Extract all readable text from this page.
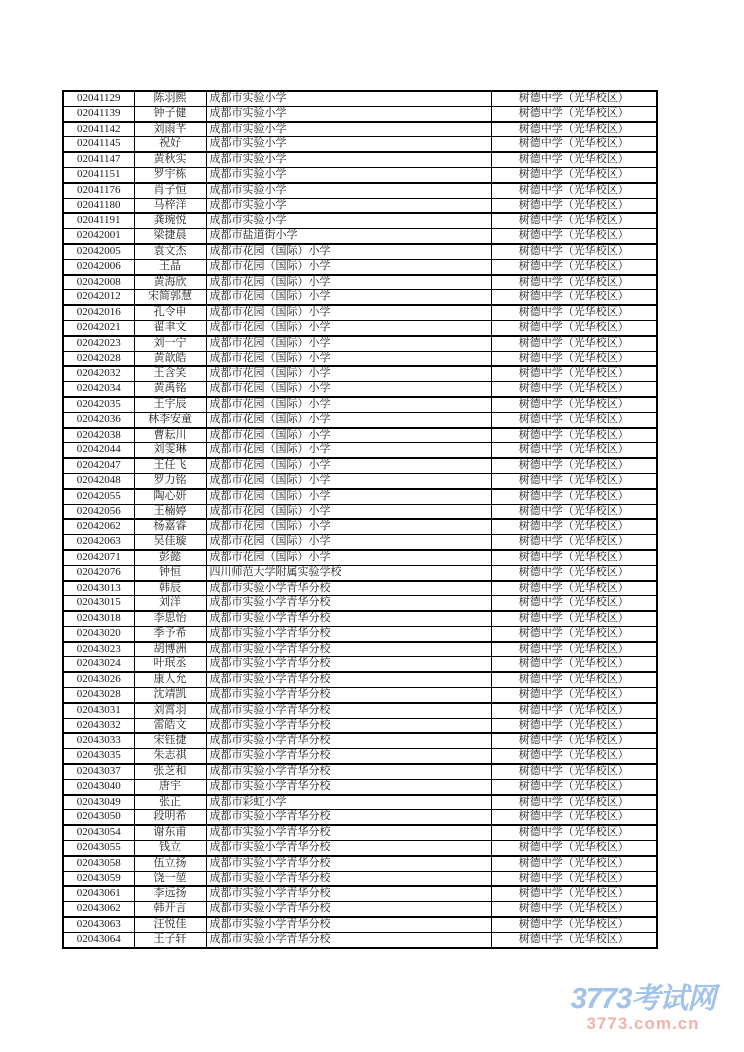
02041129	陈羽熙	成都市实验小学	树德中学（光华校区）
02041139	钟子健	成都市实验小学	树德中学（光华校区）
02041142	刘雨芊	成都市实验小学	树德中学（光华校区）
02041145	祝好	成都市实验小学	树德中学（光华校区）
02041147	黄秋实	成都市实验小学	树德中学（光华校区）
02041151	罗宇栋	成都市实验小学	树德中学（光华校区）
02041176	肖子恒	成都市实验小学	树德中学（光华校区）
02041180	马梓洋	成都市实验小学	树德中学（光华校区）
02041191	龚琬悦	成都市实验小学	树德中学（光华校区）
02042001	梁捷晨	成都市盐道街小学	树德中学（光华校区）
02042005	袁文杰	成都市花园（国际）小学	树德中学（光华校区）
02042006	王晶	成都市花园（国际）小学	树德中学（光华校区）
02042008	黄海欣	成都市花园（国际）小学	树德中学（光华校区）
02042012	宋简郭慧	成都市花园（国际）小学	树德中学（光华校区）
02042016	孔令申	成都市花园（国际）小学	树德中学（光华校区）
02042021	翟聿文	成都市花园（国际）小学	树德中学（光华校区）
02042023	刘一宁	成都市花园（国际）小学	树德中学（光华校区）
02042028	黄歆皓	成都市花园（国际）小学	树德中学（光华校区）
02042032	王含笑	成都市花园（国际）小学	树德中学（光华校区）
02042034	黄禹铭	成都市花园（国际）小学	树德中学（光华校区）
02042035	王宇辰	成都市花园（国际）小学	树德中学（光华校区）
02042036	林李安童	成都市花园（国际）小学	树德中学（光华校区）
02042038	曹耘川	成都市花园（国际）小学	树德中学（光华校区）
02042044	刘雯琳	成都市花园（国际）小学	树德中学（光华校区）
02042047	王任飞	成都市花园（国际）小学	树德中学（光华校区）
02042048	罗力铭	成都市花园（国际）小学	树德中学（光华校区）
02042055	陶心妍	成都市花园（国际）小学	树德中学（光华校区）
02042056	王楠婷	成都市花园（国际）小学	树德中学（光华校区）
02042062	杨嘉睿	成都市花园（国际）小学	树德中学（光华校区）
02042063	吴佳璇	成都市花园（国际）小学	树德中学（光华校区）
02042071	彭懿	成都市花园（国际）小学	树德中学（光华校区）
02042076	钟恒	四川师范大学附属实验学校	树德中学（光华校区）
02043013	韩辰	成都市实验小学青华分校	树德中学（光华校区）
02043015	刘洋	成都市实验小学青华分校	树德中学（光华校区）
02043018	李思怡	成都市实验小学青华分校	树德中学（光华校区）
02043020	季予希	成都市实验小学青华分校	树德中学（光华校区）
02043023	胡博洲	成都市实验小学青华分校	树德中学（光华校区）
02043024	叶珉丞	成都市实验小学青华分校	树德中学（光华校区）
02043026	康人允	成都市实验小学青华分校	树德中学（光华校区）
02043028	沈靖凯	成都市实验小学青华分校	树德中学（光华校区）
02043031	刘霄羽	成都市实验小学青华分校	树德中学（光华校区）
02043032	雷皓文	成都市实验小学青华分校	树德中学（光华校区）
02043033	宋钰捷	成都市实验小学青华分校	树德中学（光华校区）
02043035	朱志祺	成都市实验小学青华分校	树德中学（光华校区）
02043037	张芝和	成都市实验小学青华分校	树德中学（光华校区）
02043040	唐宇	成都市实验小学青华分校	树德中学（光华校区）
02043049	张正	成都市彩虹小学	树德中学（光华校区）
02043050	段明希	成都市实验小学青华分校	树德中学（光华校区）
02043054	谢东甫	成都市实验小学青华分校	树德中学（光华校区）
02043055	钱立	成都市实验小学青华分校	树德中学（光华校区）
02043058	伍立扬	成都市实验小学青华分校	树德中学（光华校区）
02043059	饶一堃	成都市实验小学青华分校	树德中学（光华校区）
02043061	李远扬	成都市实验小学青华分校	树德中学（光华校区）
02043062	韩开言	成都市实验小学青华分校	树德中学（光华校区）
02043063	汪悦佳	成都市实验小学青华分校	树德中学（光华校区）
02043064	王子轩	成都市实验小学青华分校	树德中学（光华校区）
3773考试网
3773.com.cn
